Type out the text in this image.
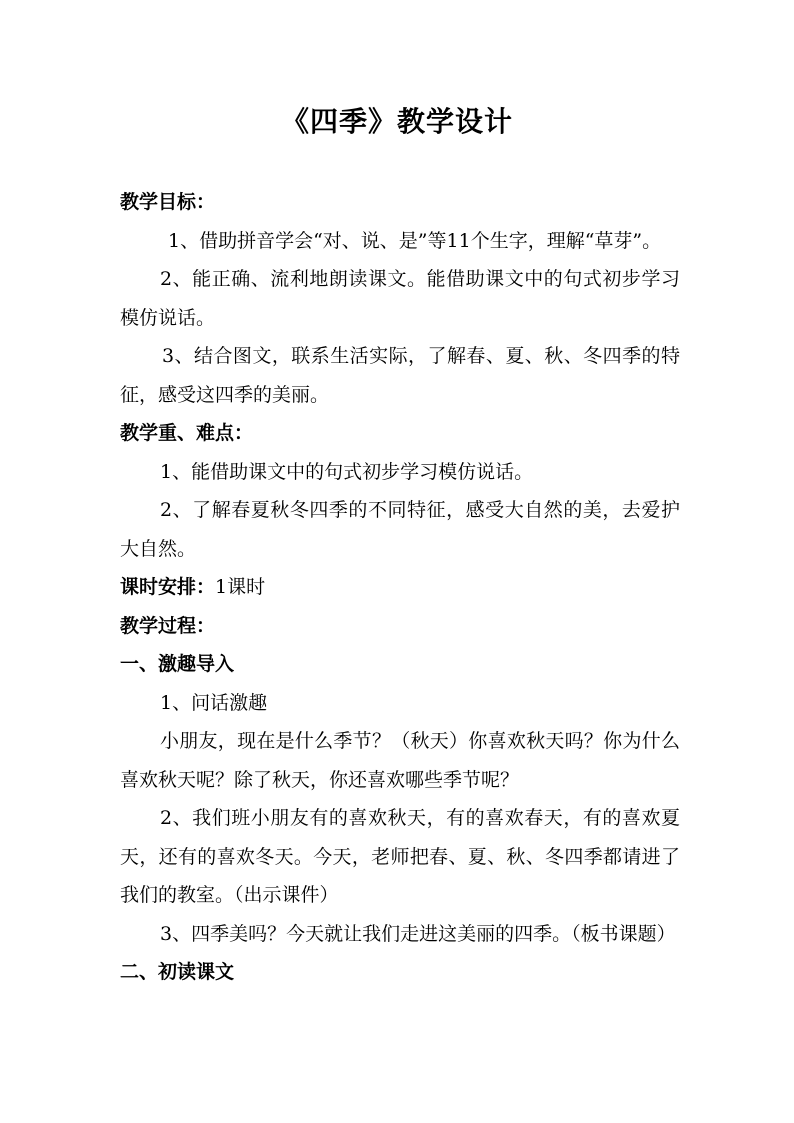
《四季》教学设计

教学目标：

1、借助拼音学会“对、说、是”等11个生字，理解“草芽”。

2、能正确、流利地朗读课文。能借助课文中的句式初步学习模仿说话。

3、结合图文，联系生活实际，了解春、夏、秋、冬四季的特征，感受这四季的美丽。

教学重、难点：

1、能借助课文中的句式初步学习模仿说话。

2、了解春夏秋冬四季的不同特征，感受大自然的美，去爱护大自然。

课时安排：1课时

教学过程：

一、激趣导入

1、问话激趣

小朋友，现在是什么季节？（秋天）你喜欢秋天吗？你为什么喜欢秋天呢？除了秋天，你还喜欢哪些季节呢？

2、我们班小朋友有的喜欢秋天，有的喜欢春天，有的喜欢夏天，还有的喜欢冬天。今天，老师把春、夏、秋、冬四季都请进了我们的教室。（出示课件）

3、四季美吗？今天就让我们走进这美丽的四季。（板书课题）

二、初读课文
